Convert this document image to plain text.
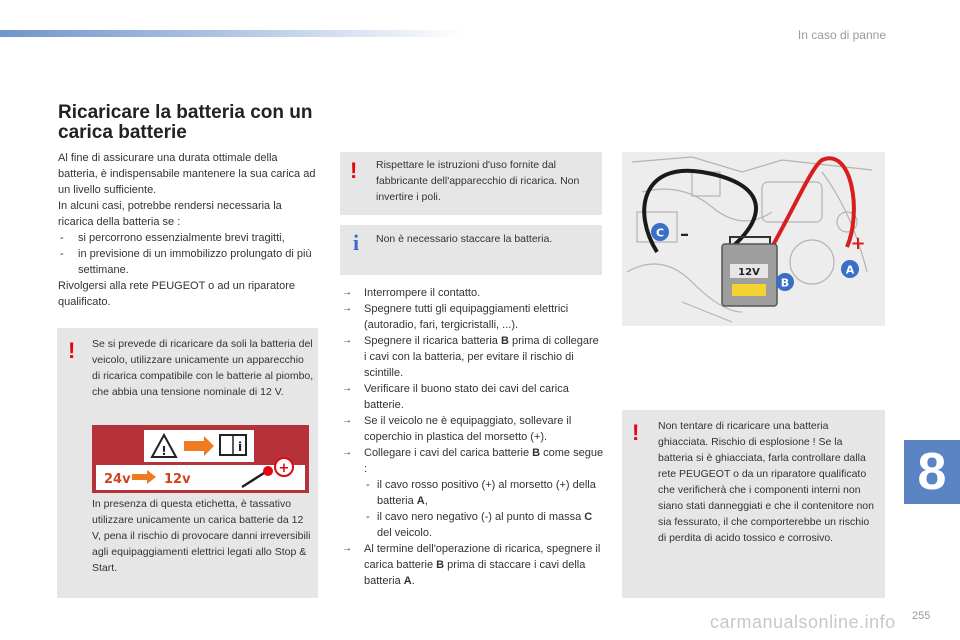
In caso di panne
Ricaricare la batteria con un carica batterie

Al fine di assicurare una durata ottimale della batteria, è indispensabile mantenere la sua carica ad un livello sufficiente.

In alcuni casi, potrebbe rendersi necessaria la ricarica della batteria se :

- si percorrono essenzialmente brevi tragitti,
- in previsione di un immobilizzo prolungato di più settimane.

Rivolgersi alla rete PEUGEOT o ad un riparatore qualificato.

! Se si prevede di ricaricare da soli la batteria del veicolo, utilizzare unicamente un apparecchio di ricarica compatibile con le batterie al piombo, che abbia una tensione nominale di 12 V.
In presenza di questa etichetta, è tassativo utilizzare unicamente un carica batterie da 12 V, pena il rischio di provocare danni irreversibili agli equipaggiamenti elettrici legati allo Stop & Start.
!	i
24v	12v
+
! Rispettare le istruzioni d'uso fornite dal fabbricante dell'apparecchio di ricarica. Non invertire i poli.
i Non è necessario staccare la batteria.
→ Interrompere il contatto.
→ Spegnere tutti gli equipaggiamenti elettrici (autoradio, fari, tergicristalli, ...).
→ Spegnere il ricarica batteria B prima di collegare i cavi con la batteria, per evitare il rischio di scintille.
→ Verificare il buono stato dei cavi del carica batterie.
→ Se il veicolo ne è equipaggiato, sollevare il coperchio in plastica del morsetto (+).
→ Collegare i cavi del carica batterie B come segue :
- il cavo rosso positivo (+) al morsetto (+) della batteria A,
- il cavo nero negativo (-) al punto di massa C del veicolo.
→ Al termine dell'operazione di ricarica, spegnere il carica batterie B prima di staccare i cavi della batteria A.
C –
12V
B
+
A
! Non tentare di ricaricare una batteria ghiacciata. Rischio di esplosione ! Se la batteria si è ghiacciata, farla controllare dalla rete PEUGEOT o da un riparatore qualificato che verificherà che i componenti interni non siano stati danneggiati e che il contenitore non sia fessurato, il che comporterebbe un rischio di perdita di acido tossico e corrosivo.
8
255
carmanualsonline.info
